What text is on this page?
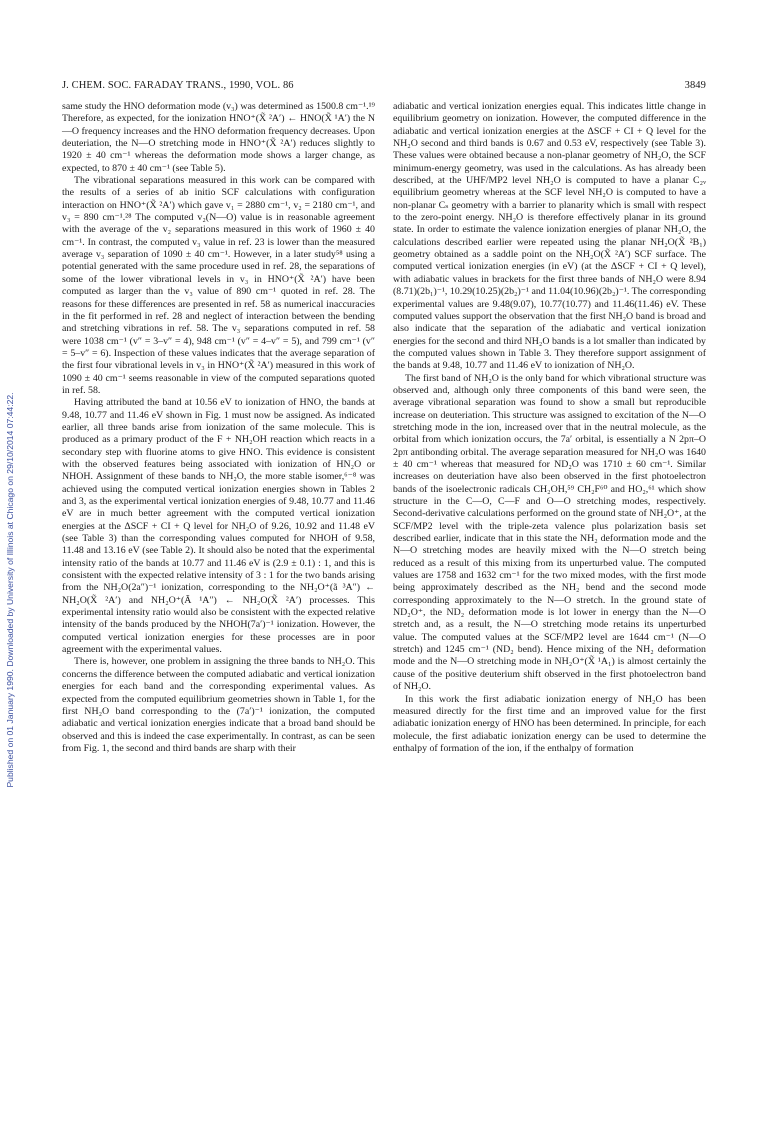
J. CHEM. SOC. FARADAY TRANS., 1990, VOL. 86	3849
Published on 01 January 1990. Downloaded by University of Illinois at Chicago on 29/10/2014 07:44:22.

same study the HNO deformation mode (v₃) was determined as 1500.8 cm⁻¹.¹⁹ Therefore, as expected, for the ionization HNO⁺(X̃ ²A′) ← HNO(X̃ ¹A′) the N—O frequency increases and the HNO deformation frequency decreases. Upon deuteriation, the N—O stretching mode in HNO⁺(X̃ ²A′) reduces slightly to 1920 ± 40 cm⁻¹ whereas the deformation mode shows a larger change, as expected, to 870 ± 40 cm⁻¹ (see Table 5).

The vibrational separations measured in this work can be compared with the results of a series of ab initio SCF calculations with configuration interaction on HNO⁺(X̃ ²A′) which gave v₁ = 2880 cm⁻¹, v₂ = 2180 cm⁻¹, and v₃ = 890 cm⁻¹.²⁸ The computed v₂(N—O) value is in reasonable agreement with the average of the v₂ separations measured in this work of 1960 ± 40 cm⁻¹. In contrast, the computed v₃ value in ref. 23 is lower than the measured average v₃ separation of 1090 ± 40 cm⁻¹. However, in a later study⁵⁸ using a potential generated with the same procedure used in ref. 28, the separations of some of the lower vibrational levels in v₃ in HNO⁺(X̃ ²A′) have been computed as larger than the v₃ value of 890 cm⁻¹ quoted in ref. 28. The reasons for these differences are presented in ref. 58 as numerical inaccuracies in the fit performed in ref. 28 and neglect of interaction between the bending and stretching vibrations in ref. 58. The v₃ separations computed in ref. 58 were 1038 cm⁻¹ (v″ = 3–v″ = 4), 948 cm⁻¹ (v″ = 4–v″ = 5), and 799 cm⁻¹ (v″ = 5–v″ = 6). Inspection of these values indicates that the average separation of the first four vibrational levels in v₃ in HNO⁺(X̃ ²A′) measured in this work of 1090 ± 40 cm⁻¹ seems reasonable in view of the computed separations quoted in ref. 58.

Having attributed the band at 10.56 eV to ionization of HNO, the bands at 9.48, 10.77 and 11.46 eV shown in Fig. 1 must now be assigned. As indicated earlier, all three bands arise from ionization of the same molecule. This is produced as a primary product of the F + NH₂OH reaction which reacts in a secondary step with fluorine atoms to give HNO. This evidence is consistent with the observed features being associated with ionization of HN₂O or NHOH. Assignment of these bands to NH₂O, the more stable isomer,⁶⁻⁸ was achieved using the computed vertical ionization energies shown in Tables 2 and 3, as the experimental vertical ionization energies of 9.48, 10.77 and 11.46 eV are in much better agreement with the computed vertical ionization energies at the ΔSCF + CI + Q level for NH₂O of 9.26, 10.92 and 11.48 eV (see Table 3) than the corresponding values computed for NHOH of 9.58, 11.48 and 13.16 eV (see Table 2). It should also be noted that the experimental intensity ratio of the bands at 10.77 and 11.46 eV is (2.9 ± 0.1) : 1, and this is consistent with the expected relative intensity of 3 : 1 for the two bands arising from the NH₂O(2a″)⁻¹ ionization, corresponding to the NH₂O⁺(ã ³A″) ← NH₂O(X̃ ²A′) and NH₂O⁺(Ã ¹A″) ← NH₂O(X̃ ²A′) processes. This experimental intensity ratio would also be consistent with the expected relative intensity of the bands produced by the NHOH(7a′)⁻¹ ionization. However, the computed vertical ionization energies for these processes are in poor agreement with the experimental values.

There is, however, one problem in assigning the three bands to NH₂O. This concerns the difference between the computed adiabatic and vertical ionization energies for each band and the corresponding experimental values. As expected from the computed equilibrium geometries shown in Table 1, for the first NH₂O band corresponding to the (7a′)⁻¹ ionization, the computed adiabatic and vertical ionization energies indicate that a broad band should be observed and this is indeed the case experimentally. In contrast, as can be seen from Fig. 1, the second and third bands are sharp with their

adiabatic and vertical ionization energies equal. This indicates little change in equilibrium geometry on ionization. However, the computed difference in the adiabatic and vertical ionization energies at the ΔSCF + CI + Q level for the NH₂O second and third bands is 0.67 and 0.53 eV, respectively (see Table 3). These values were obtained because a non-planar geometry of NH₂O, the SCF minimum-energy geometry, was used in the calculations. As has already been described, at the UHF/MP2 level NH₂O is computed to have a planar C₂ᵥ equilibrium geometry whereas at the SCF level NH₂O is computed to have a non-planar Cₛ geometry with a barrier to planarity which is small with respect to the zero-point energy. NH₂O is therefore effectively planar in its ground state. In order to estimate the valence ionization energies of planar NH₂O, the calculations described earlier were repeated using the planar NH₂O(X̃ ²B₁) geometry obtained as a saddle point on the NH₂O(X̃ ²A′) SCF surface. The computed vertical ionization energies (in eV) (at the ΔSCF + CI + Q level), with adiabatic values in brackets for the first three bands of NH₂O were 8.94 (8.71)(2b₁)⁻¹, 10.29(10.25)(2b₂)⁻¹ and 11.04(10.96)(2b₂)⁻¹. The corresponding experimental values are 9.48(9.07), 10.77(10.77) and 11.46(11.46) eV. These computed values support the observation that the first NH₂O band is broad and also indicate that the separation of the adiabatic and vertical ionization energies for the second and third NH₂O bands is a lot smaller than indicated by the computed values shown in Table 3. They therefore support assignment of the bands at 9.48, 10.77 and 11.46 eV to ionization of NH₂O.

The first band of NH₂O is the only band for which vibrational structure was observed and, although only three components of this band were seen, the average vibrational separation was found to show a small but reproducible increase on deuteriation. This structure was assigned to excitation of the N—O stretching mode in the ion, increased over that in the neutral molecule, as the orbital from which ionization occurs, the 7a′ orbital, is essentially a N 2pπ–O 2pπ antibonding orbital. The average separation measured for NH₂O was 1640 ± 40 cm⁻¹ whereas that measured for ND₂O was 1710 ± 60 cm⁻¹. Similar increases on deuteriation have also been observed in the first photoelectron bands of the isoelectronic radicals CH₂OH,⁵⁹ CH₂F⁶⁰ and HO₂,⁶¹ which show structure in the C—O, C—F and O—O stretching modes, respectively. Second-derivative calculations performed on the ground state of NH₂O⁺, at the SCF/MP2 level with the triple-zeta valence plus polarization basis set described earlier, indicate that in this state the NH₂ deformation mode and the N—O stretching modes are heavily mixed with the N—O stretch being reduced as a result of this mixing from its unperturbed value. The computed values are 1758 and 1632 cm⁻¹ for the two mixed modes, with the first mode being approximately described as the NH₂ bend and the second mode corresponding approximately to the N—O stretch. In the ground state of ND₂O⁺, the ND₂ deformation mode is lot lower in energy than the N—O stretch and, as a result, the N—O stretching mode retains its unperturbed value. The computed values at the SCF/MP2 level are 1644 cm⁻¹ (N—O stretch) and 1245 cm⁻¹ (ND₂ bend). Hence mixing of the NH₂ deformation mode and the N—O stretching mode in NH₂O⁺(X̃ ¹A₁) is almost certainly the cause of the positive deuterium shift observed in the first photoelectron band of NH₂O.

In this work the first adiabatic ionization energy of NH₂O has been measured directly for the first time and an improved value for the first adiabatic ionization energy of HNO has been determined. In principle, for each molecule, the first adiabatic ionization energy can be used to determine the enthalpy of formation of the ion, if the enthalpy of formation
